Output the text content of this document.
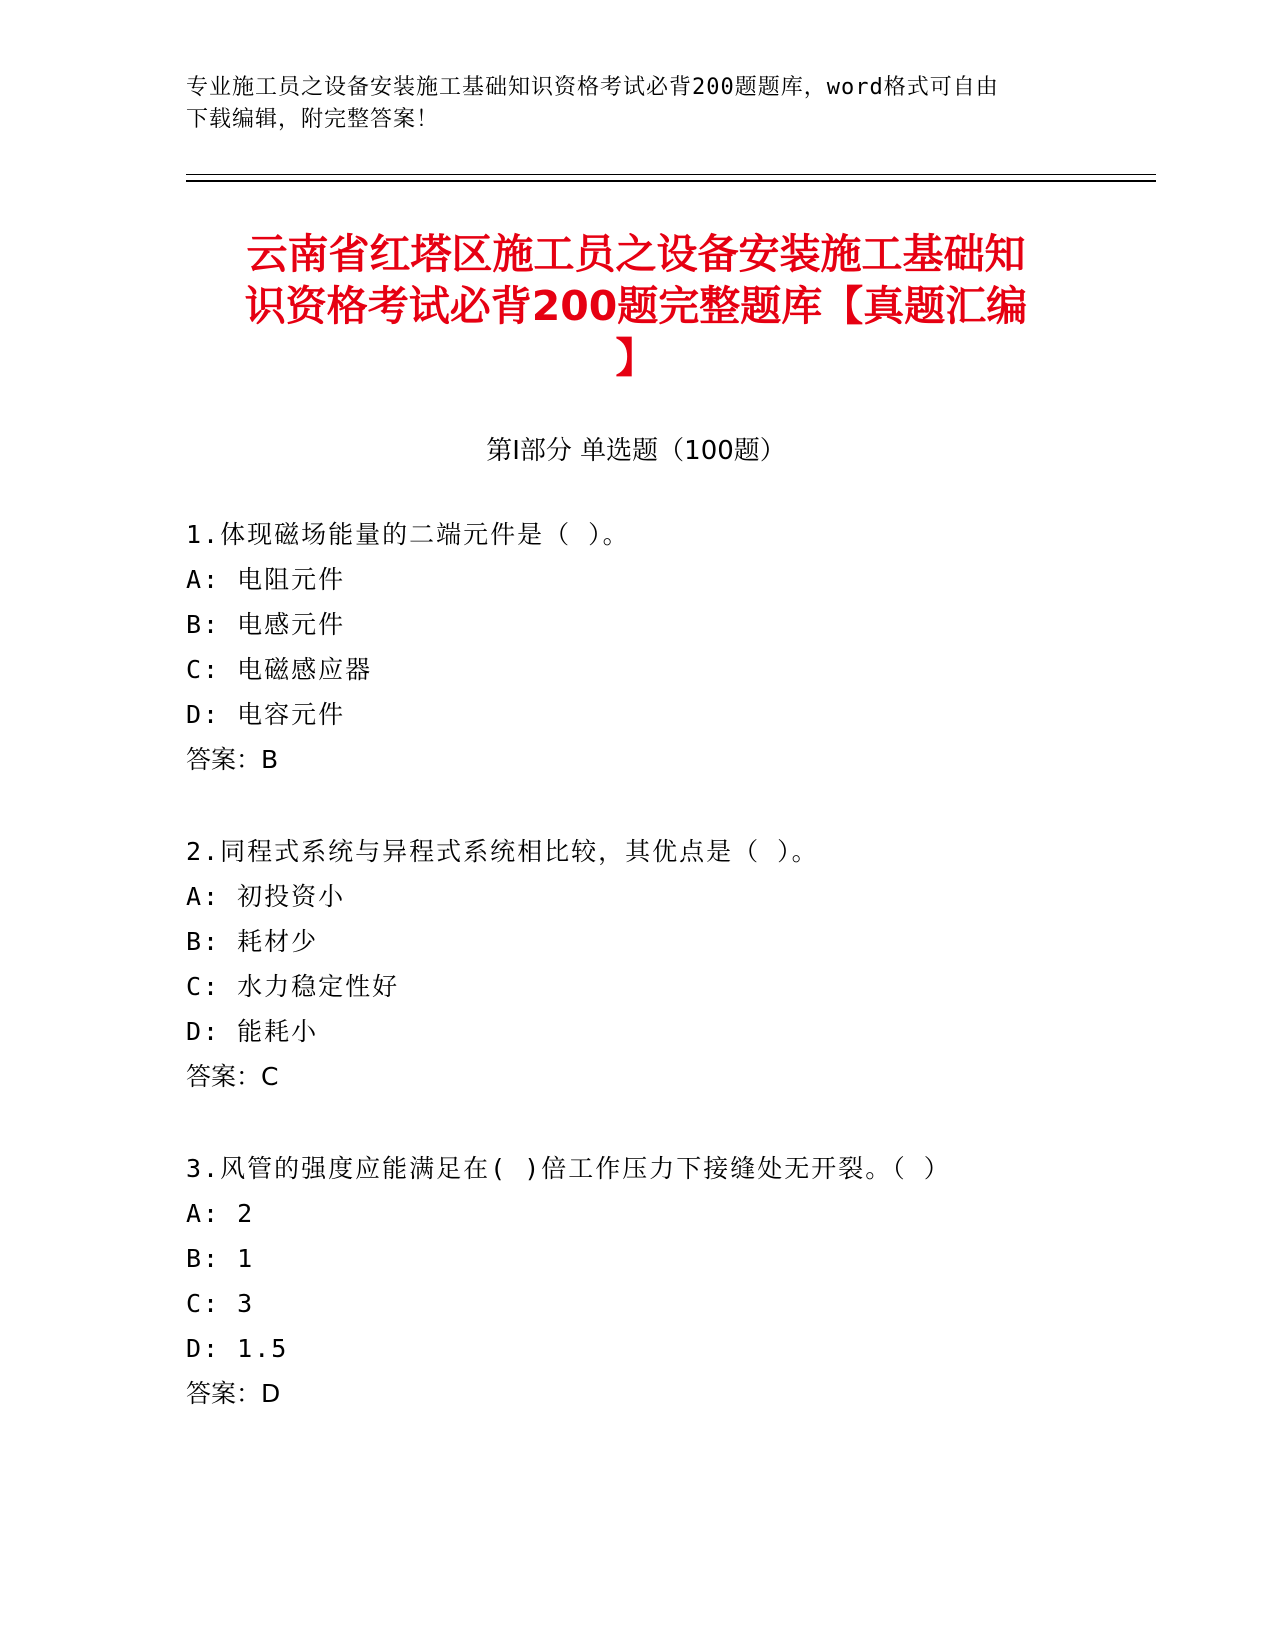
专业施工员之设备安装施工基础知识资格考试必背200题题库，word格式可自由
下载编辑，附完整答案！
云南省红塔区施工员之设备安装施工基础知
识资格考试必背200题完整题库【真题汇编
】
第I部分 单选题（100题）
1.体现磁场能量的二端元件是（ ）。
A: 电阻元件
B: 电感元件
C: 电磁感应器
D: 电容元件
答案：B
2.同程式系统与异程式系统相比较，其优点是（ ）。
A: 初投资小
B: 耗材少
C: 水力稳定性好
D: 能耗小
答案：C
3.风管的强度应能满足在( )倍工作压力下接缝处无开裂。（ ）
A: 2
B: 1
C: 3
D: 1.5
答案：D
